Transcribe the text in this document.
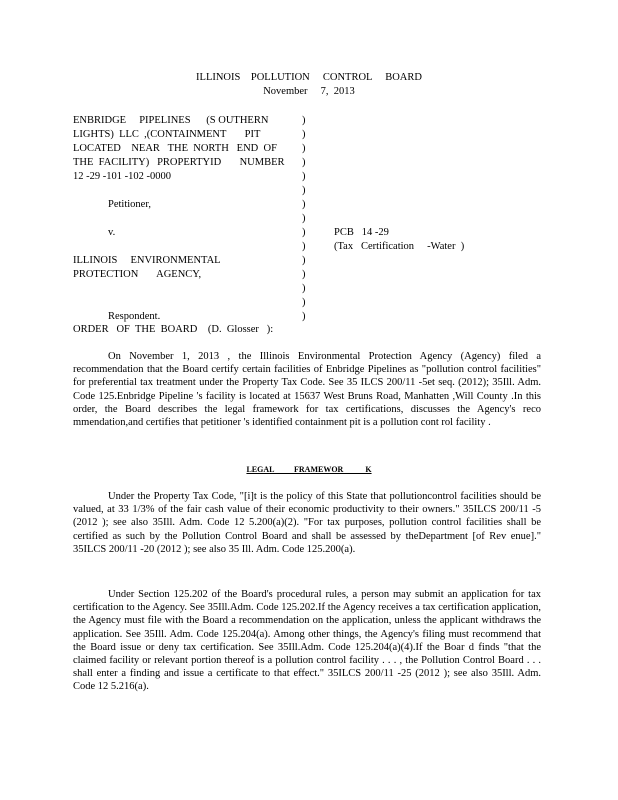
ILLINOIS    POLLUTION     CONTROL     BOARD
November     7,  2013
ENBRIDGE     PIPELINES      (S OUTHERN
LIGHTS)  LLC  ,(CONTAINMENT       PIT
LOCATED    NEAR   THE  NORTH   END  OF
THE  FACILITY)   PROPERTYID       NUMBER
12 -29 -101 -102 -0000
Petitioner,
v.
ILLINOIS     ENVIRONMENTAL
PROTECTION       AGENCY,
Respondent.
)
)
)
)
)
)
)
)
)
)
)
)
)
)
)
PCB   14 -29
(Tax   Certification     -Water  )
ORDER   OF  THE  BOARD    (D.  Glosser   ):
On November 1, 2013 , the Illinois Environmental Protection Agency (Agency) filed a recommendation that the Board certify certain facilities of Enbridge Pipelines as "pollution control facilities" for preferential tax treatment under the Property Tax Code. See 35 ILCS 200/11 -5et seq. (2012); 35Ill. Adm. Code 125.Enbridge Pipeline 's facility is located at 15637 West Bruns Road, Manhatten ,Will County .In this order, the Board describes the legal framework for tax certifications, discusses the Agency's reco mmendation,and certifies that petitioner 's identified containment pit is a pollution cont rol facility .
LEGAL          FRAMEWOR           K
Under the Property Tax Code, "[i]t is the policy of this State that pollutioncontrol facilities should be valued, at 33 1/3% of the fair cash value of their economic productivity to their owners." 35ILCS 200/11 -5 (2012 ); see also 35Ill. Adm. Code 12 5.200(a)(2). "For tax purposes, pollution control facilities shall be certified as such by the Pollution Control Board and shall be assessed by theDepartment [of Rev enue]." 35ILCS 200/11 -20 (2012 ); see also 35 Ill. Adm. Code 125.200(a).
Under Section 125.202 of the Board's procedural rules, a person may submit an application for tax certification to the Agency. See 35Ill.Adm. Code 125.202.If the Agency receives a tax certification application, the Agency must file with the Board a recommendation on the application, unless the applicant withdraws the application. See 35Ill. Adm. Code 125.204(a). Among other things, the Agency's filing must recommend that the Board issue or deny tax certification. See 35Ill.Adm. Code 125.204(a)(4).If the Boar d finds "that the claimed facility or relevant portion thereof is a pollution control facility . . . , the Pollution Control Board . . . shall enter a finding and issue a certificate to that effect." 35ILCS 200/11 -25 (2012 ); see also 35Ill. Adm. Code 12 5.216(a).
